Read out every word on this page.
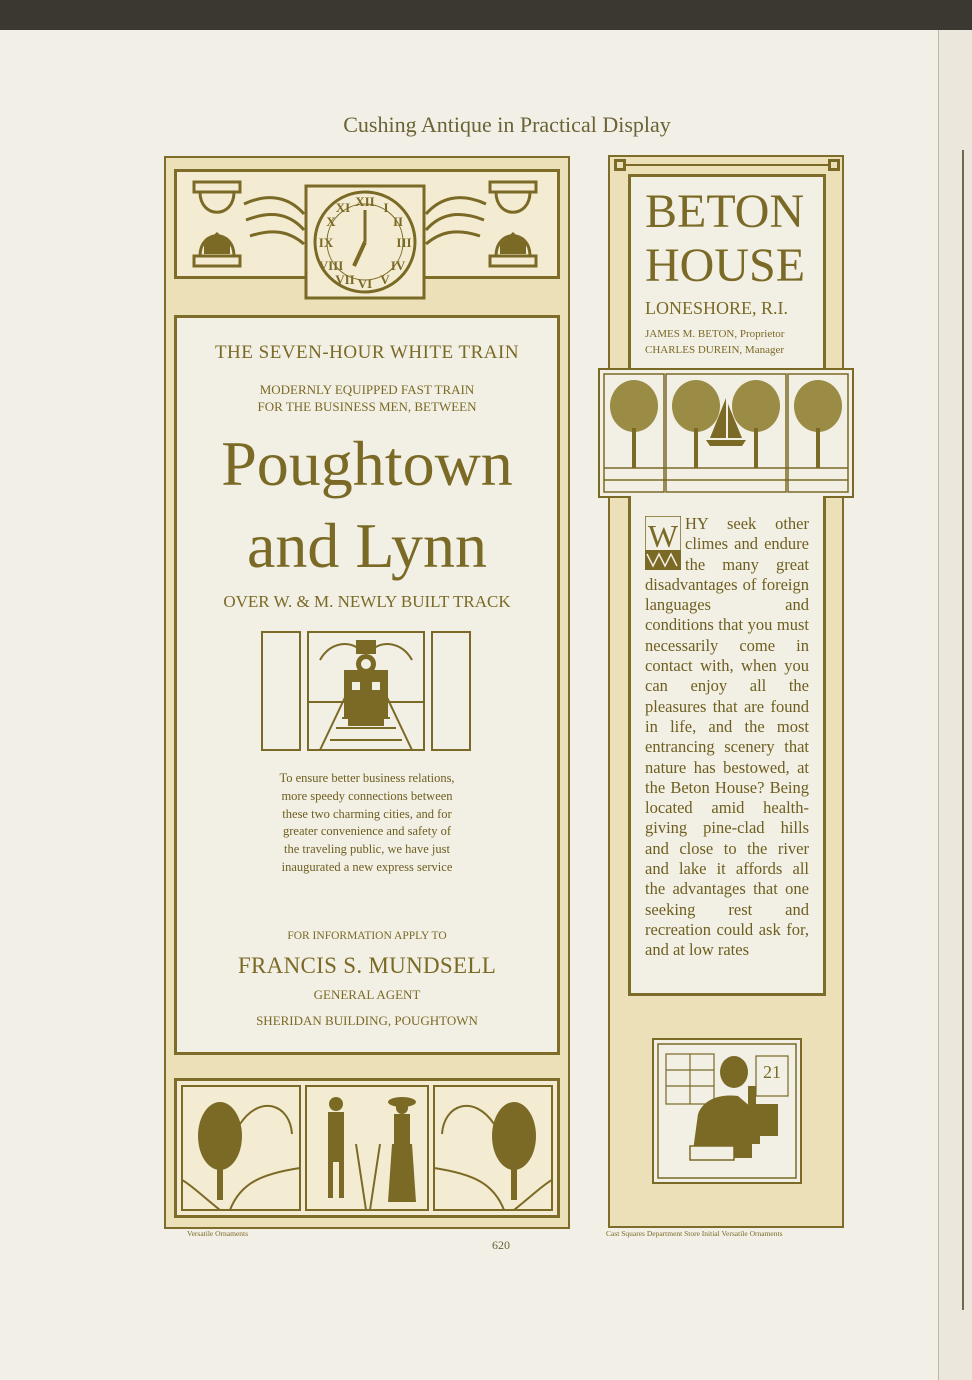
Cushing Antique in Practical Display
XII
III
VI
IX
I
II
IV
V
VII
VIII
X
XI
THE SEVEN-HOUR WHITE TRAIN
MODERNLY EQUIPPED FAST TRAIN
FOR THE BUSINESS MEN, BETWEEN
Poughtown
and Lynn
OVER W. & M. NEWLY BUILT TRACK
To ensure better business relations,
more speedy connections between
these two charming cities, and for
greater convenience and safety of
the traveling public, we have just
inaugurated a new express service
FOR INFORMATION APPLY TO
FRANCIS S. MUNDSELL
GENERAL AGENT
SHERIDAN BUILDING, POUGHTOWN
Versatile Ornaments
BETON
HOUSE
LONESHORE, R.I.
JAMES M. BETON, Proprietor
CHARLES DUREIN, Manager
W HY seek other climes and endure the many great disadvantages of foreign languages and conditions that you must necessarily come in contact with, when you can enjoy all the pleasures that are found in life, and the most entrancing scenery that nature has bestowed, at the Beton House? Being located amid health-giving pine-clad hills and close to the river and lake it affords all the advantages that one seeking rest and recreation could ask for, and at low rates
21
Cast Squares Department Store Initial Versatile Ornaments
620
